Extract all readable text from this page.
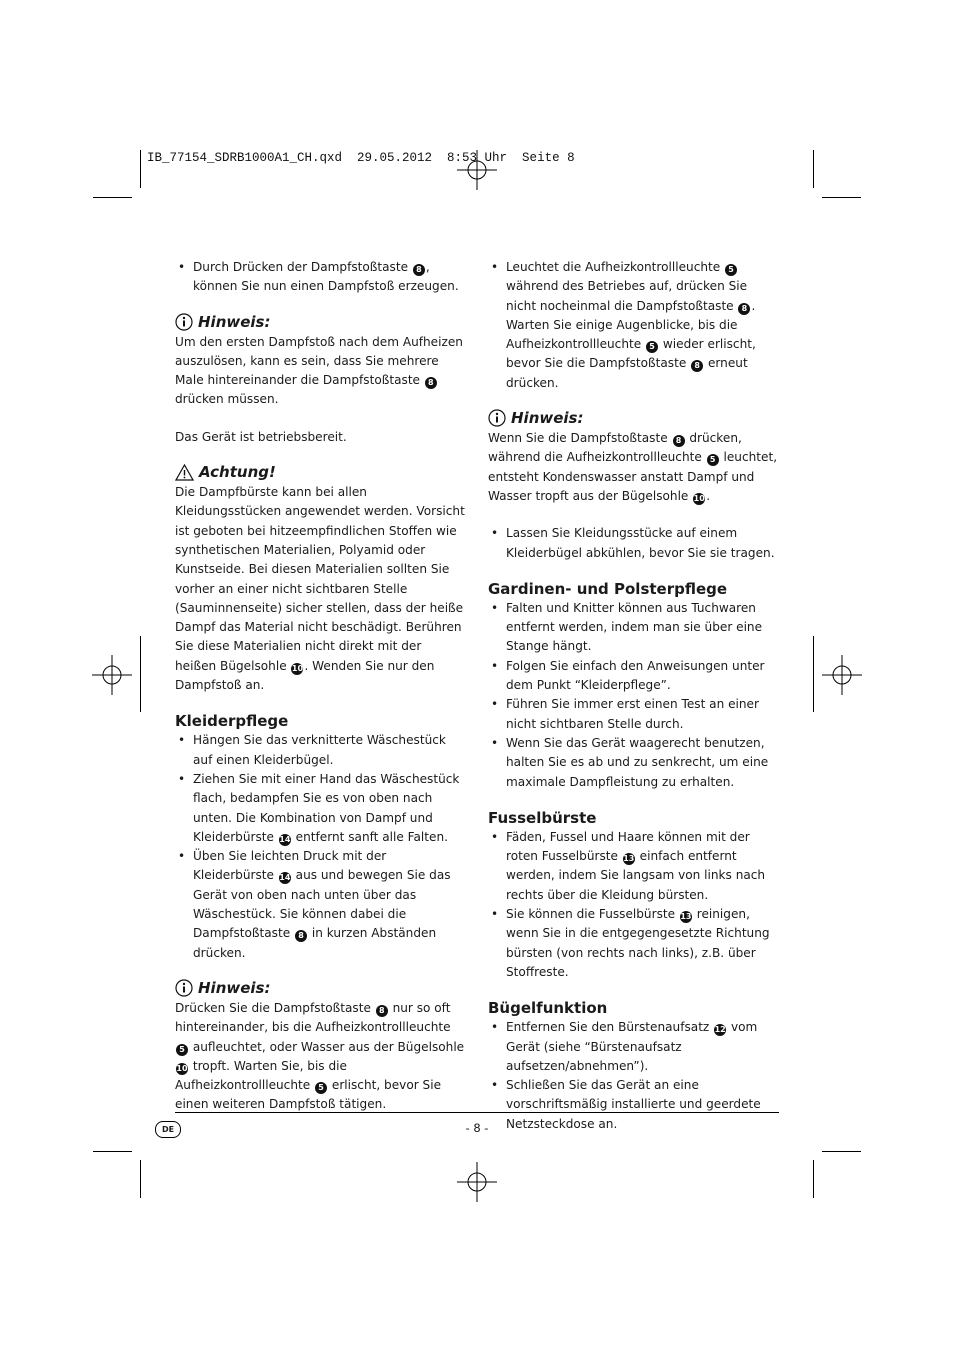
IB_77154_SDRB1000A1_CH.qxd  29.05.2012  8:53 Uhr  Seite 8
• Durch Drücken der Dampfstoßtaste 8 , können Sie nun einen Dampfstoß erzeugen.
Hinweis:

Um den ersten Dampfstoß nach dem Aufheizen auszulösen, kann es sein, dass Sie mehrere Male hintereinander die Dampfstoßtaste 8 drücken müssen.

Das Gerät ist betriebsbereit.

Achtung!

Die Dampfbürste kann bei allen Kleidungsstücken angewendet werden. Vorsicht ist geboten bei hitzeempfindlichen Stoffen wie synthetischen Materialien, Polyamid oder Kunstseide. Bei diesen Materialien sollten Sie vorher an einer nicht sichtbaren Stelle (Sauminnenseite) sicher stellen, dass der heiße Dampf das Material nicht beschädigt. Berühren Sie diese Materialien nicht direkt mit der heißen Bügelsohle 10. Wenden Sie nur den Dampfstoß an.

Kleiderpflege
• Hängen Sie das verknitterte Wäschestück auf einen Kleiderbügel.
• Ziehen Sie mit einer Hand das Wäschestück flach, bedampfen Sie es von oben nach unten. Die Kombination von Dampf und Kleiderbürste 14 entfernt sanft alle Falten.
• Üben Sie leichten Druck mit der Kleiderbürste 14 aus und bewegen Sie das Gerät von oben nach unten über das Wäschestück. Sie können dabei die Dampfstoßtaste 8 in kurzen Abständen drücken.
Hinweis:

Drücken Sie die Dampfstoßtaste 8 nur so oft hintereinander, bis die Aufheizkontrollleuchte 5 aufleuchtet, oder Wasser aus der Bügelsohle 10 tropft. Warten Sie, bis die Aufheizkontrollleuchte 5 erlischt, bevor Sie einen weiteren Dampfstoß tätigen.

• Leuchtet die Aufheizkontrollleuchte 5 während des Betriebes auf, drücken Sie nicht nocheinmal die Dampfstoßtaste 8 . Warten Sie einige Augenblicke, bis die Aufheizkontrollleuchte 5 wieder erlischt, bevor Sie die Dampfstoßtaste 8 erneut drücken.
Hinweis:

Wenn Sie die Dampfstoßtaste 8 drücken, während die Aufheizkontrollleuchte 5 leuchtet, entsteht Kondenswasser anstatt Dampf und Wasser tropft aus der Bügelsohle 10.

• Lassen Sie Kleidungsstücke auf einem Kleiderbügel abkühlen, bevor Sie sie tragen.
Gardinen- und Polsterpflege
• Falten und Knitter können aus Tuchwaren entfernt werden, indem man sie über eine Stange hängt.
• Folgen Sie einfach den Anweisungen unter dem Punkt “Kleiderpflege”.
• Führen Sie immer erst einen Test an einer nicht sichtbaren Stelle durch.
• Wenn Sie das Gerät waagerecht benutzen, halten Sie es ab und zu senkrecht, um eine maximale Dampfleistung zu erhalten.
Fusselbürste
• Fäden, Fussel und Haare können mit der roten Fusselbürste 13 einfach entfernt werden, indem Sie langsam von links nach rechts über die Kleidung bürsten.
• Sie können die Fusselbürste 13 reinigen, wenn Sie in die entgegengesetzte Richtung bürsten (von rechts nach links), z.B. über Stoffreste.
Bügelfunktion
• Entfernen Sie den Bürstenaufsatz 12 vom Gerät (siehe “Bürstenaufsatz aufsetzen/abnehmen”).
• Schließen Sie das Gerät an eine vorschriftsmäßig installierte und geerdete Netzsteckdose an.
DE	- 8 -
